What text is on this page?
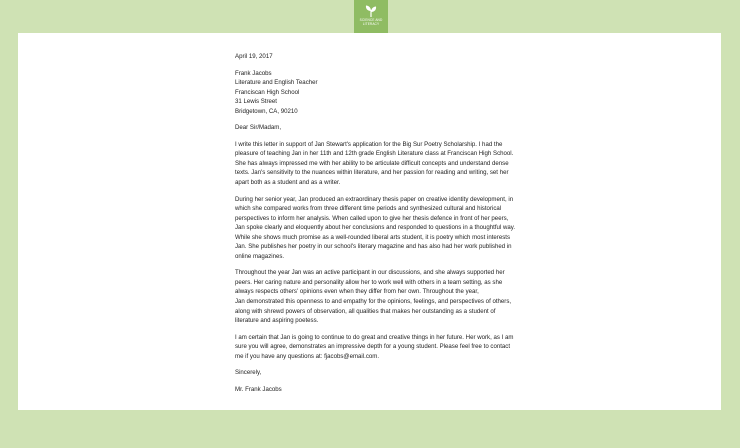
SCIENCE AND
LITERACY

April 19, 2017

Frank Jacobs
Literature and English Teacher
Franciscan High School
31 Lewis Street
Bridgetown, CA, 90210

Dear Sir/Madam,

I write this letter in support of Jan Stewart's application for the Big Sur Poetry Scholarship. I had the
pleasure of teaching Jan in her 11th and 12th grade English Literature class at Franciscan High School.
She has always impressed me with her ability to be articulate difficult concepts and understand dense
texts. Jan's sensitivity to the nuances within literature, and her passion for reading and writing, set her
apart both as a student and as a writer.
During her senior year, Jan produced an extraordinary thesis paper on creative identity development, in
which she compared works from three different time periods and synthesized cultural and historical
perspectives to inform her analysis. When called upon to give her thesis defence in front of her peers,
Jan spoke clearly and eloquently about her conclusions and responded to questions in a thoughtful way.
While she shows much promise as a well-rounded liberal arts student, it is poetry which most interests
Jan. She publishes her poetry in our school's literary magazine and has also had her work published in
online magazines.
Throughout the year Jan was an active participant in our discussions, and she always supported her
peers. Her caring nature and personality allow her to work well with others in a team setting, as she
always respects others' opinions even when they differ from her own. Throughout the year,
Jan demonstrated this openness to and empathy for the opinions, feelings, and perspectives of others,
along with shrewd powers of observation, all qualities that makes her outstanding as a student of
literature and aspiring poetess.
I am certain that Jan is going to continue to do great and creative things in her future. Her work, as I am
sure you will agree, demonstrates an impressive depth for a young student. Please feel free to contact
me if you have any questions at: fjacobs@email.com.

Sincerely,

Mr. Frank Jacobs
